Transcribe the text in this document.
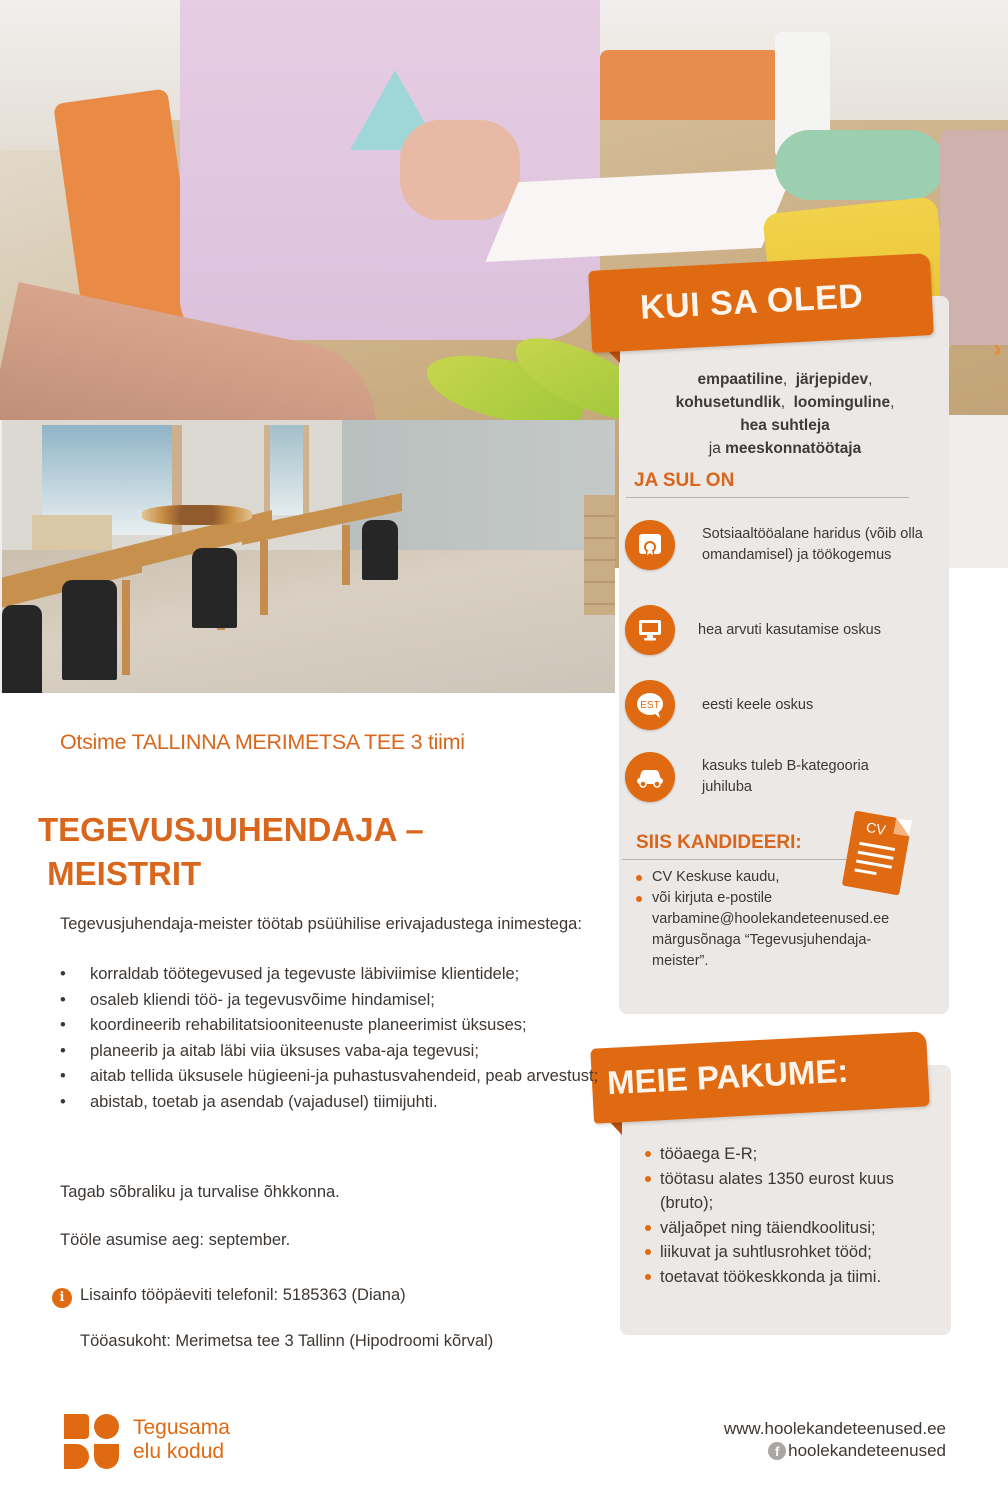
›
KUI SA OLED
empaatiline,  järjepidev,
kohusetundlik,  loominguline,
hea suhtleja
ja meeskonnatöötaja
JA SUL ON
Sotsiaaltööalane haridus (võib olla omandamisel) ja töökogemus
hea arvuti kasutamise oskus
EST	eesti keele oskus
kasuks tuleb B-kategooria juhiluba
SIIS KANDIDEERI:
CV
CV Keskuse kaudu,
või kirjuta e-postile
varbamine@hoolekandeteenused.ee
märgusõnaga “Tegevusjuhendaja-
meister”.
MEIE PAKUME:
tööaega E-R;
töötasu alates 1350 eurost kuus (bruto);
väljaõpet ning täiendkoolitusi;
liikuvat ja suhtlusrohket tööd;
toetavat töökeskkonda ja tiimi.
Otsime TALLINNA MERIMETSA TEE 3 tiimi
TEGEVUSJUHENDAJA –
MEISTRIT
Tegevusjuhendaja-meister töötab psüühilise erivajadustega inimestega:
• korraldab töötegevused ja tegevuste läbiviimise klientidele;
• osaleb kliendi töö- ja tegevusvõime hindamisel;
• koordineerib rehabilitatsiooniteenuste planeerimist üksuses;
• planeerib ja aitab läbi viia üksuses vaba-aja tegevusi;
• aitab tellida üksusele hügieeni-ja puhastusvahendeid, peab arvestust;
• abistab, toetab ja asendab (vajadusel) tiimijuhti.
Tagab sõbraliku ja turvalise õhkkonna.
Tööle asumise aeg: september.
i Lisainfo tööpäeviti telefonil: 5185363 (Diana)
Tööasukoht: Merimetsa tee 3 Tallinn (Hipodroomi kõrval)
Tegusama
elu kodud
www.hoolekandeteenused.ee
f hoolekandeteenused
